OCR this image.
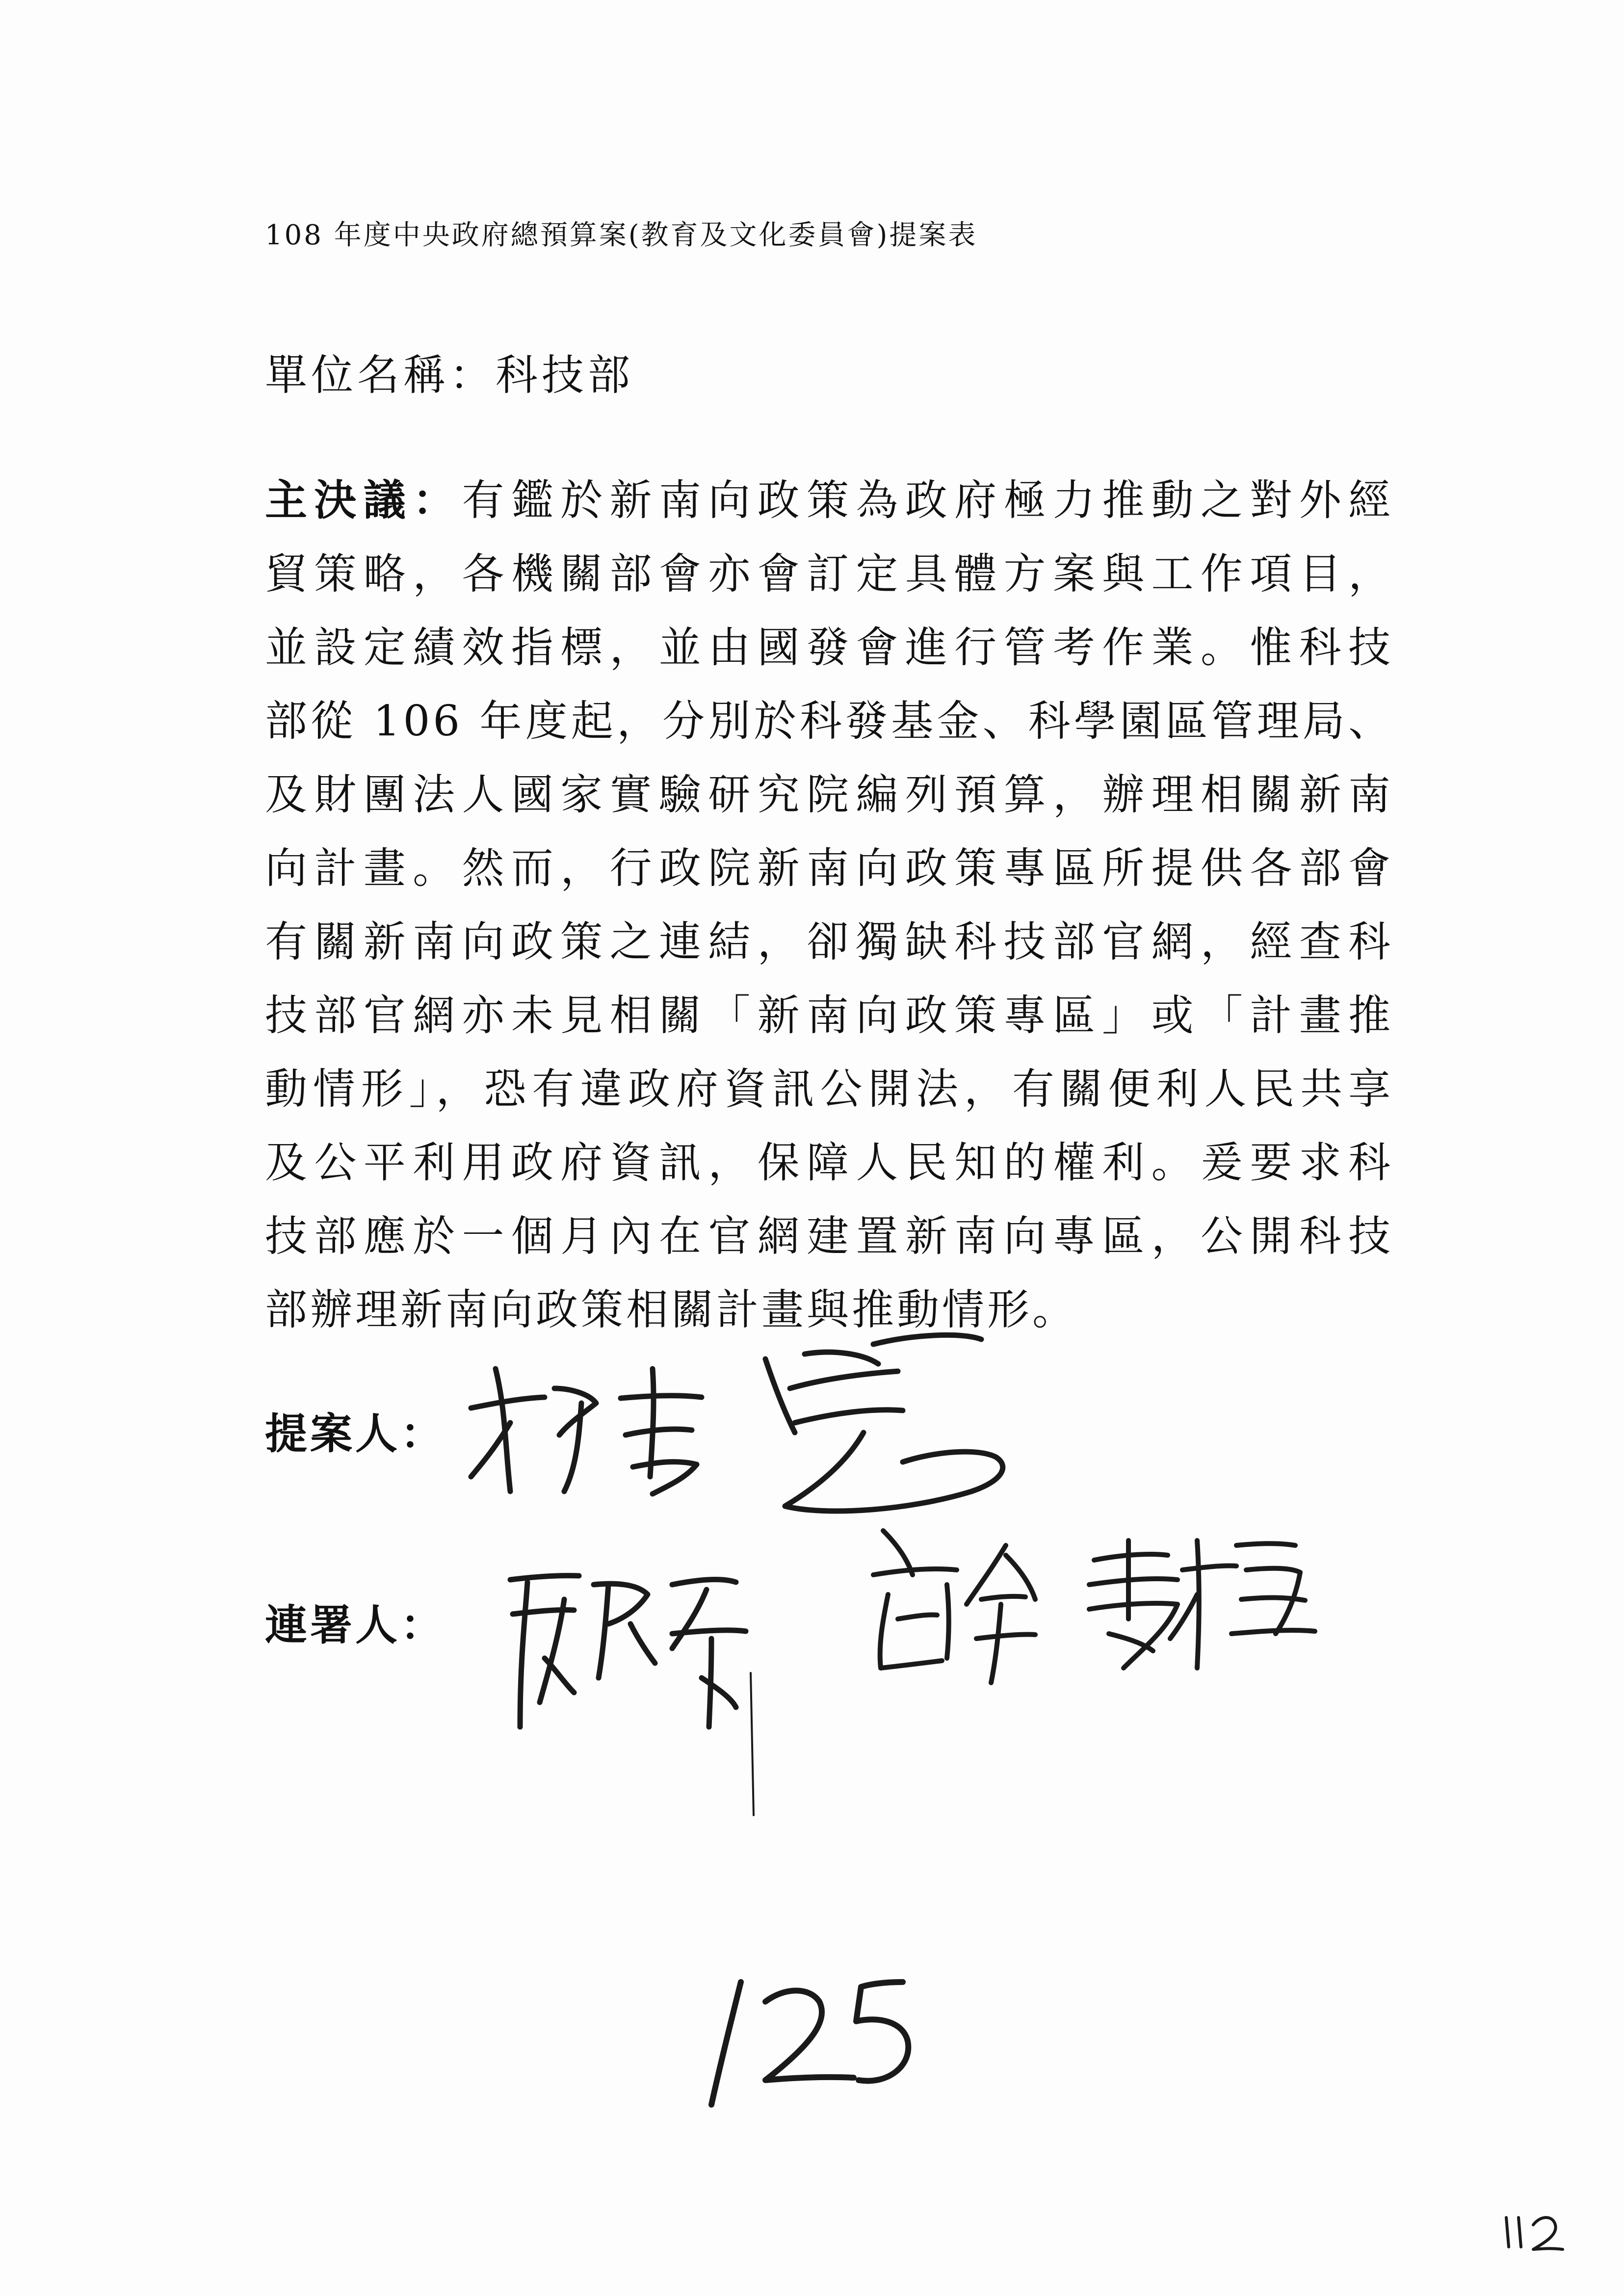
108 年度中央政府總預算案(教育及文化委員會)提案表
單位名稱：科技部
主決議：有鑑於新南向政策為政府極力推動之對外經
貿策略，各機關部會亦會訂定具體方案與工作項目，
並設定績效指標，並由國發會進行管考作業。惟科技
部從 106 年度起，分別於科發基金、科學園區管理局、
及財團法人國家實驗研究院編列預算，辦理相關新南
向計畫。然而，行政院新南向政策專區所提供各部會
有關新南向政策之連結，卻獨缺科技部官網，經查科
技部官網亦未見相關「新南向政策專區」或「計畫推
動情形」，恐有違政府資訊公開法，有關便利人民共享
及公平利用政府資訊，保障人民知的權利。爰要求科
技部應於一個月內在官網建置新南向專區，公開科技
部辦理新南向政策相關計畫與推動情形。
提案人：
連署人：
